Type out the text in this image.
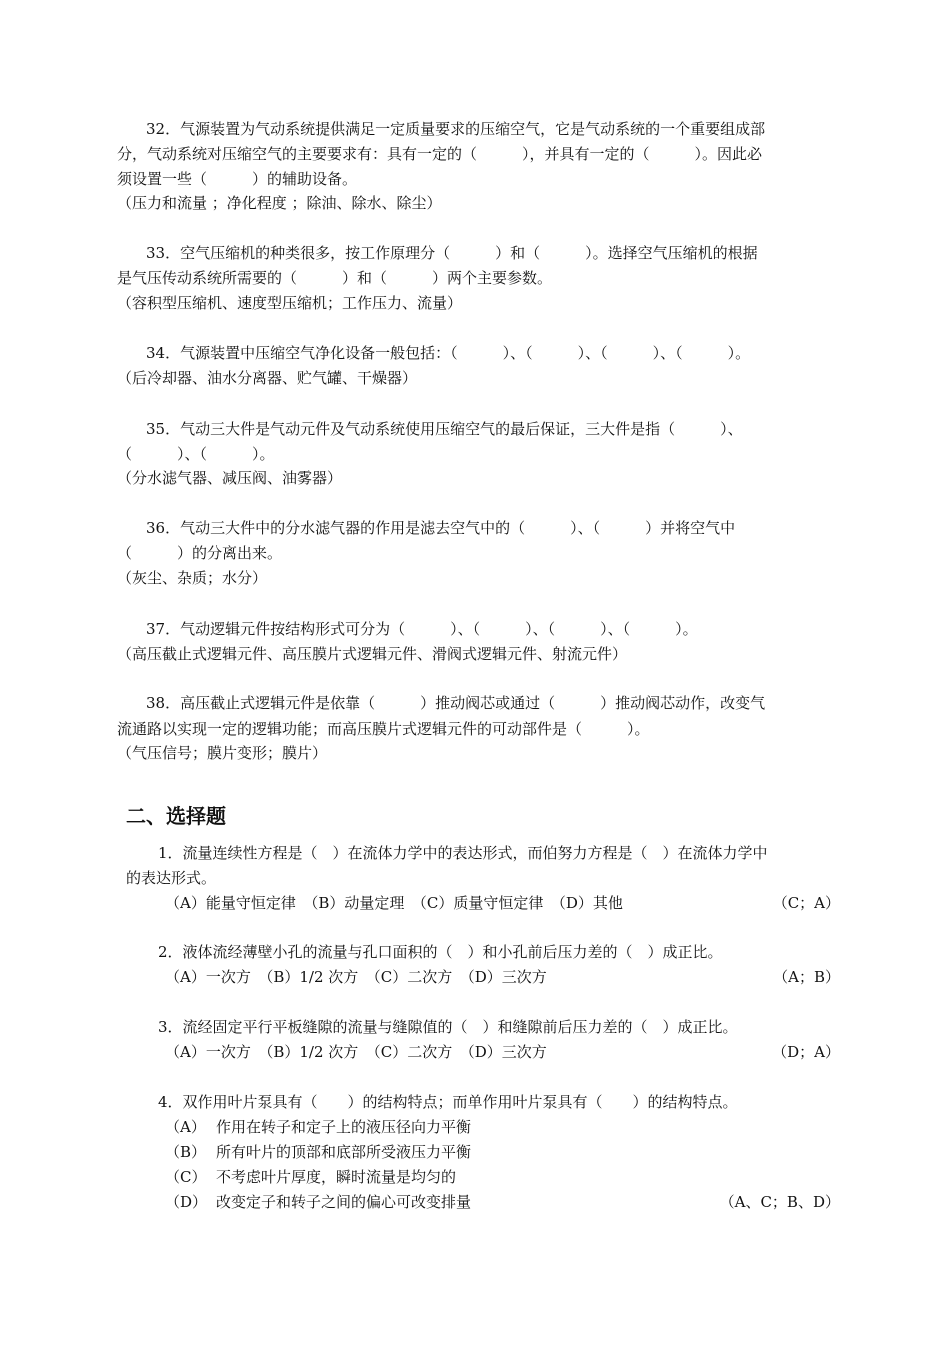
32．气源装置为气动系统提供满足一定质量要求的压缩空气，它是气动系统的一个重要组成部
分，气动系统对压缩空气的主要要求有：具有一定的（　　　），并具有一定的（　　　）。因此必
须设置一些（　　　）的辅助设备。
（压力和流量 ；净化程度 ；除油、除水、除尘）
33．空气压缩机的种类很多，按工作原理分（　　　）和（　　　）。选择空气压缩机的根据
是气压传动系统所需要的（　　　）和（　　　）两个主要参数。
（容积型压缩机、速度型压缩机；工作压力、流量）
34．气源装置中压缩空气净化设备一般包括：（　　　）、（　　　）、（　　　）、（　　　）。
（后冷却器、油水分离器、贮气罐、干燥器）
35．气动三大件是气动元件及气动系统使用压缩空气的最后保证，三大件是指（　　　）、
（　　　）、（　　　）。
（分水滤气器、减压阀、油雾器）
36．气动三大件中的分水滤气器的作用是滤去空气中的（　　　）、（　　　）并将空气中
（　　　）的分离出来。
（灰尘、杂质；水分）
37．气动逻辑元件按结构形式可分为（　　　）、（　　　）、（　　　）、（　　　）。
（高压截止式逻辑元件、高压膜片式逻辑元件、滑阀式逻辑元件、射流元件）
38．高压截止式逻辑元件是依靠（　　　）推动阀芯或通过（　　　）推动阀芯动作，改变气
流通路以实现一定的逻辑功能；而高压膜片式逻辑元件的可动部件是（　　　）。
（气压信号；膜片变形；膜片）
二、选择题
1．流量连续性方程是（　）在流体力学中的表达形式，而伯努力方程是（　）在流体力学中
的表达形式。
（A）能量守恒定律　（B）动量定理　（C）质量守恒定律　（D）其他	（C；A）
2．液体流经薄壁小孔的流量与孔口面积的（　）和小孔前后压力差的（　）成正比。
（A）一次方　（B）1/2 次方　（C）二次方　（D）三次方	（A；B）
3．流经固定平行平板缝隙的流量与缝隙值的（　）和缝隙前后压力差的（　）成正比。
（A）一次方　（B）1/2 次方　（C）二次方　（D）三次方	（D；A）
4．双作用叶片泵具有（　　）的结构特点；而单作用叶片泵具有（　　）的结构特点。
（A） 作用在转子和定子上的液压径向力平衡
（B） 所有叶片的顶部和底部所受液压力平衡
（C） 不考虑叶片厚度，瞬时流量是均匀的
（D） 改变定子和转子之间的偏心可改变排量	（A、C；B、D）
